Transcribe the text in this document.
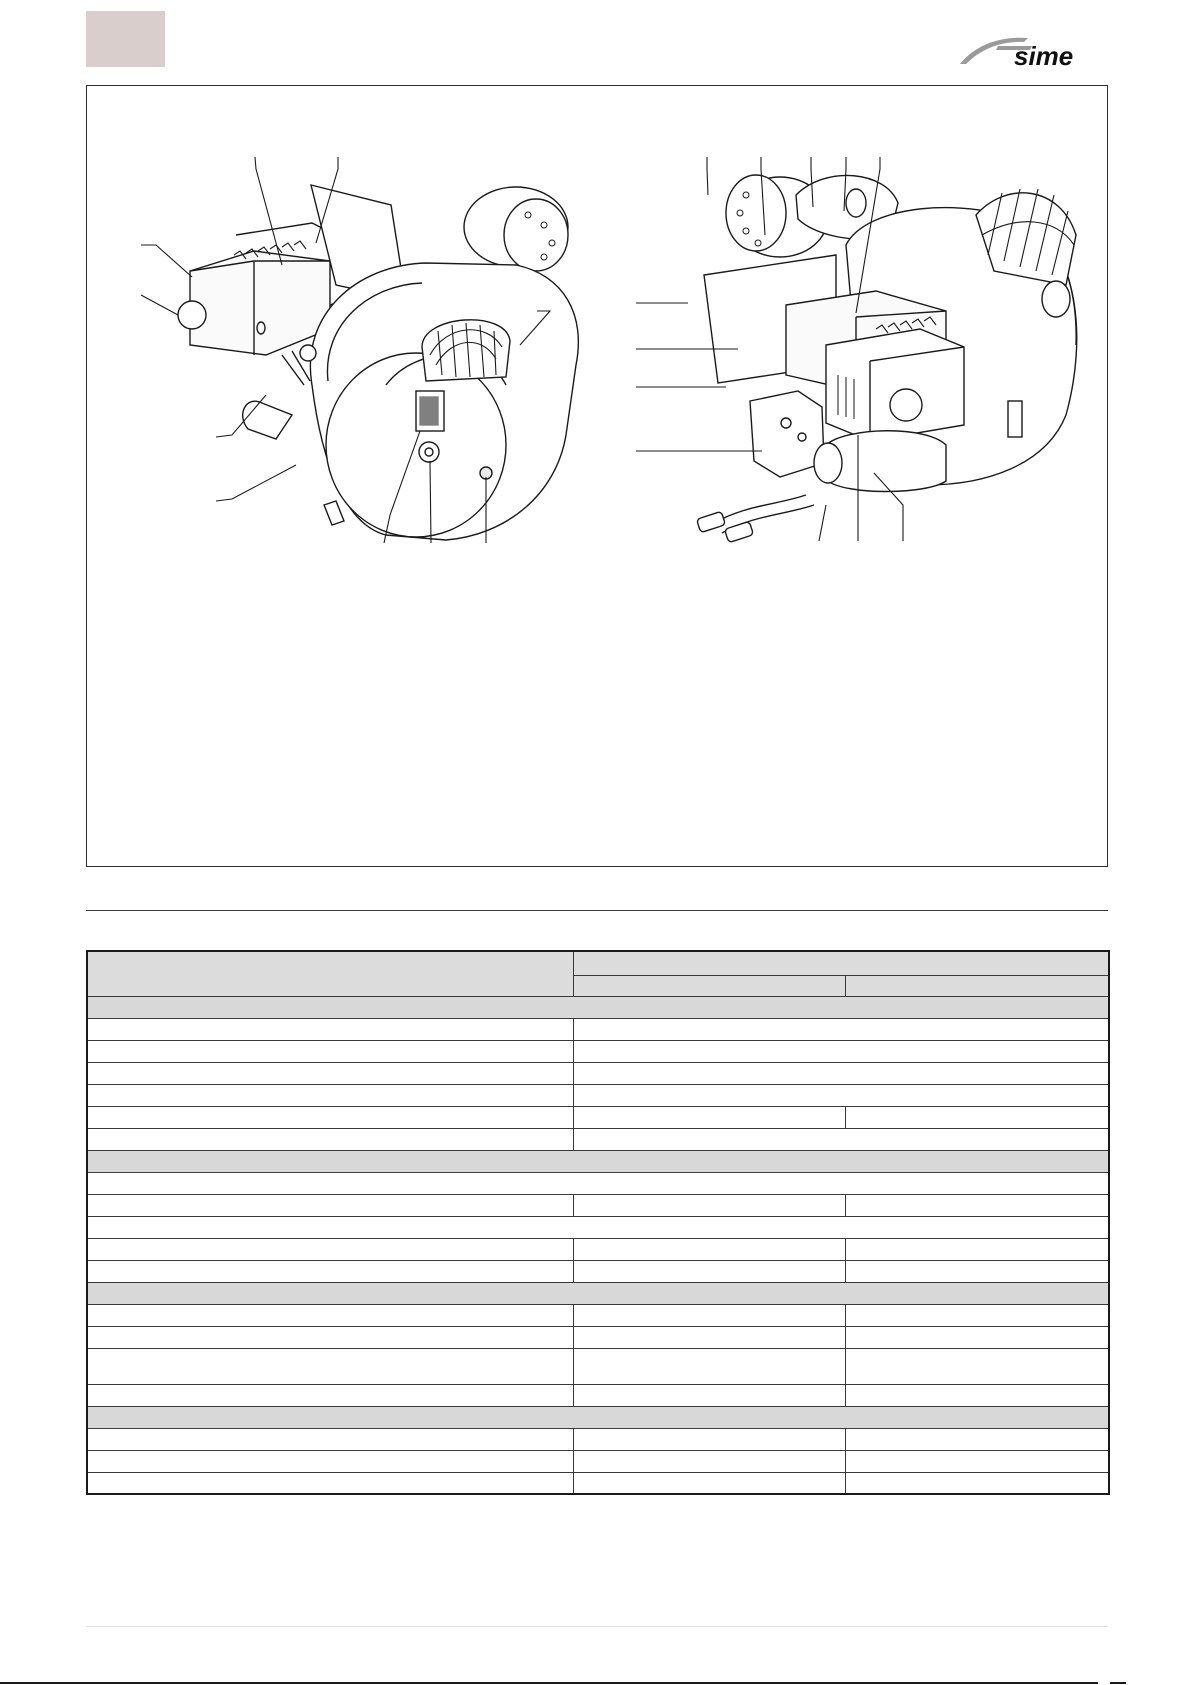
sime
